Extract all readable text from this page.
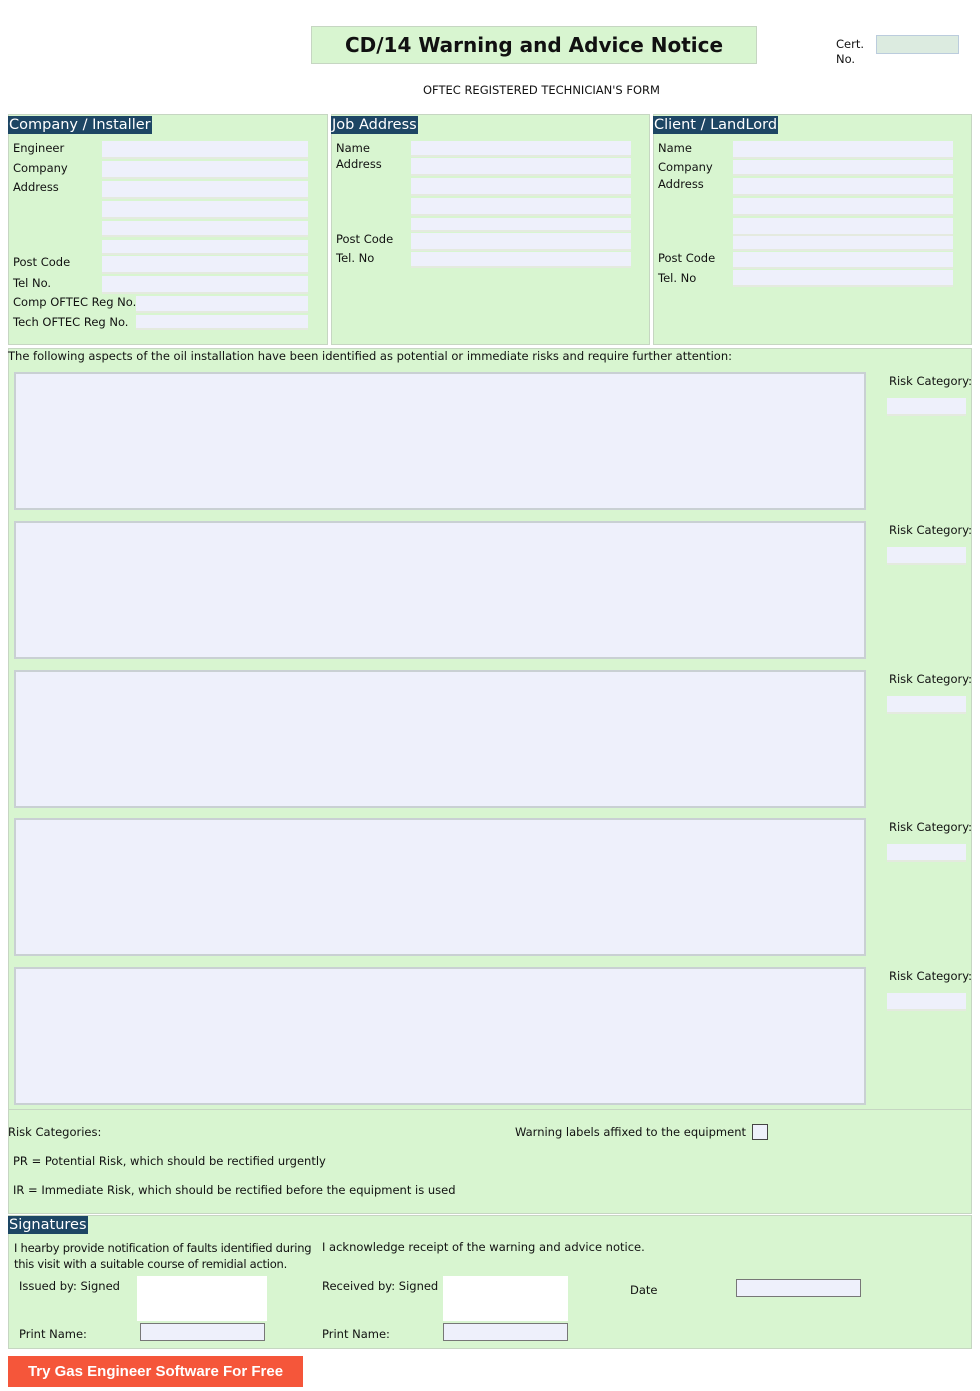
CD/14 Warning and Advice Notice	Cert.
No.
OFTEC REGISTERED TECHNICIAN'S FORM
Company / Installer
Engineer
Company
Address
Post Code
Tel No.
Comp OFTEC Reg No.
Tech OFTEC Reg No.
Job Address
Name
Address
Post Code
Tel. No
Client / LandLord
Name
Company
Address
Post Code
Tel. No
The following aspects of the oil installation have been identified as potential or immediate risks and require further attention:
Risk Category:
Risk Category:
Risk Category:
Risk Category:
Risk Category:
Risk Categories:
PR = Potential Risk, which should be rectified urgently
IR = Immediate Risk, which should be rectified before the equipment is used
Warning labels affixed to the equipment
Signatures
I hearby provide notification of faults identified during this visit with a suitable course of remidial action.
I acknowledge receipt of the warning and advice notice.
Issued by: Signed
Print Name:
Received by: Signed
Print Name:
Date
Try Gas Engineer Software For Free
